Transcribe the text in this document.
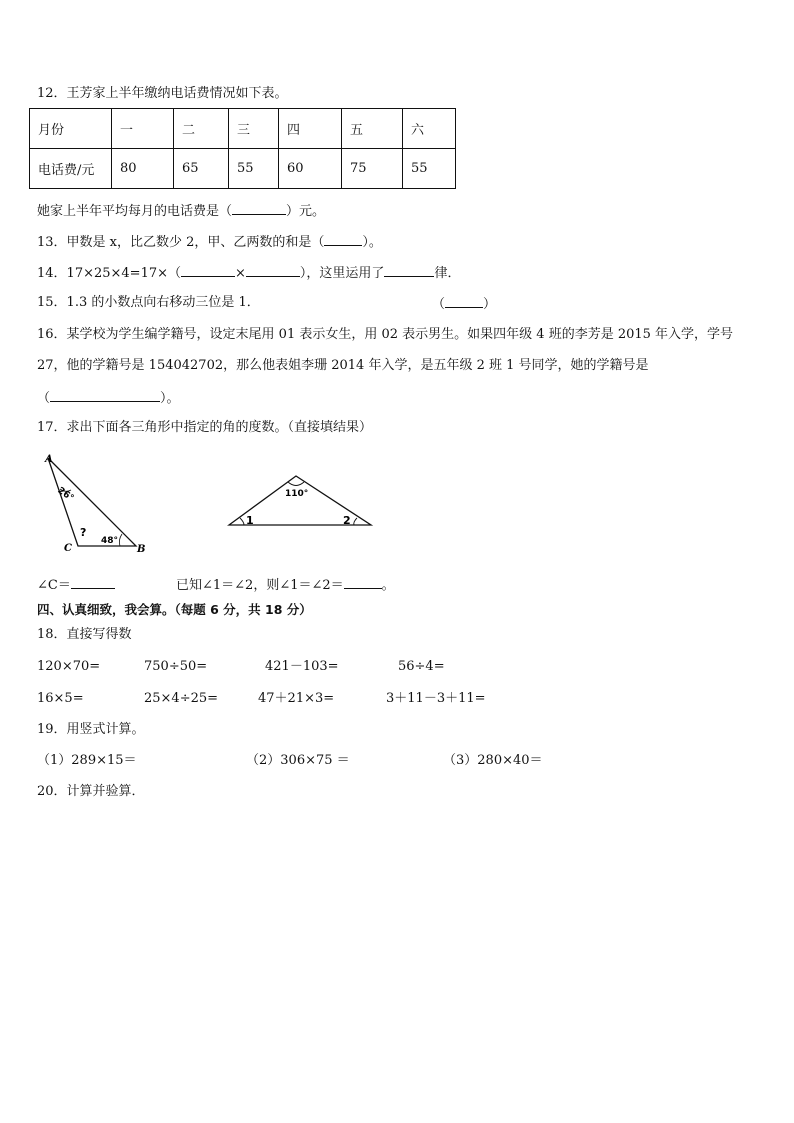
12．王芳家上半年缴纳电话费情况如下表。
月份	一	二	三	四	五	六
电话费/元	80	65	55	60	75	55
她家上半年平均每月的电话费是（	）元。
13．甲数是 x，比乙数少 2，甲、乙两数的和是（	）。
14．17×25×4=17×（	×	），这里运用了	律．
15．1.3 的小数点向右移动三位是 1．	（	）
16．某学校为学生编学籍号，设定末尾用 01 表示女生，用 02 表示男生。如果四年级 4 班的李芳是 2015 年入学，学号
27，他的学籍号是 154042702，那么他表姐李珊 2014 年入学，是五年级 2 班 1 号同学，她的学籍号是
（	）。
17．求出下面各三角形中指定的角的度数。（直接填结果）
A
B
C
26°
48°
?
110°
1	2
∠C＝	已知∠1＝∠2，则∠1＝∠2＝	。
四、认真细致，我会算。（每题 6 分，共 18 分）
18．直接写得数
120×70=	750÷50=	421－103=	56÷4=
16×5=	25×4÷25=	47＋21×3=	3＋11－3＋11=
19．用竖式计算。
（1）289×15＝	（2）306×75 ＝	（3）280×40＝
20．计算并验算．
